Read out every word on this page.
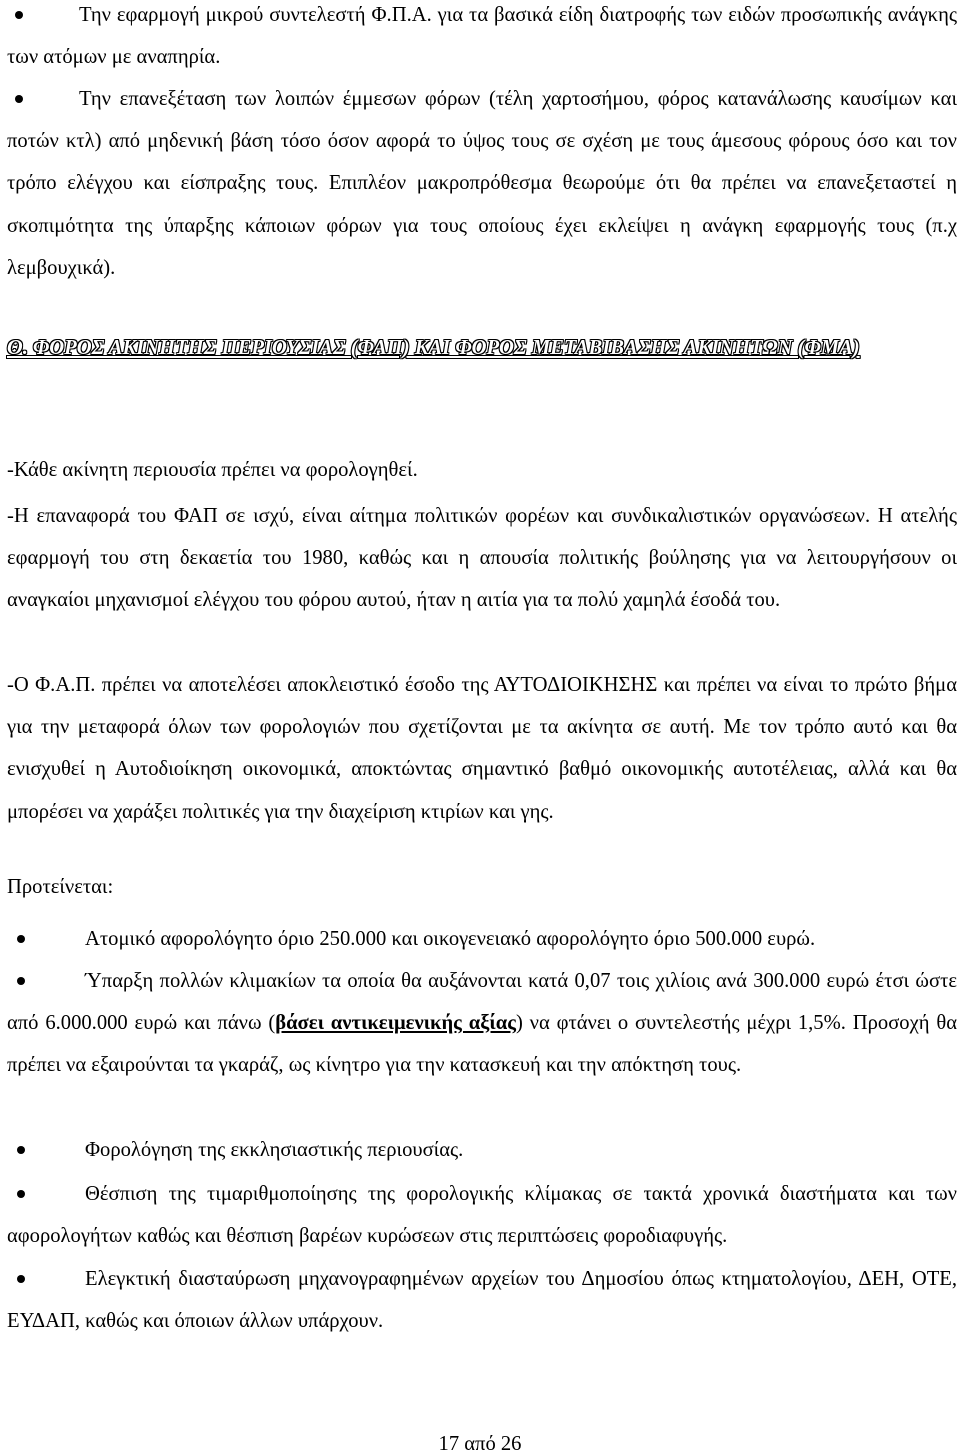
Την εφαρμογή μικρού συντελεστή Φ.Π.Α. για τα βασικά είδη διατροφής των ειδών προσωπικής ανάγκης των ατόμων με αναπηρία.

Την επανεξέταση των λοιπών έμμεσων φόρων (τέλη χαρτοσήμου, φόρος κατανάλωσης καυσίμων και ποτών κτλ) από μηδενική βάση τόσο όσον αφορά το ύψος τους σε σχέση με τους άμεσους φόρους όσο και τον τρόπο ελέγχου και είσπραξης τους. Επιπλέον μακροπρόθεσμα θεωρούμε ότι θα πρέπει να επανεξεταστεί η σκοπιμότητα της ύπαρξης κάποιων φόρων για τους οποίους έχει εκλείψει η ανάγκη εφαρμογής τους (π.χ λεμβουχικά).

Θ. ΦΟΡΟΣ ΑΚΙΝΗΤΗΣ ΠΕΡΙΟΥΣΙΑΣ (ΦΑΠ) ΚΑΙ ΦΟΡΟΣ ΜΕΤΑΒΙΒΑΣΗΣ ΑΚΙΝΗΤΩΝ (ΦΜΑ)

-Κάθε ακίνητη περιουσία πρέπει να φορολογηθεί.

-Η επαναφορά του ΦΑΠ σε ισχύ, είναι αίτημα πολιτικών φορέων και συνδικαλιστικών οργανώσεων. Η ατελής εφαρμογή του στη δεκαετία του 1980, καθώς και η απουσία πολιτικής βούλησης για να λειτουργήσουν οι αναγκαίοι μηχανισμοί ελέγχου του φόρου αυτού, ήταν η αιτία για τα πολύ χαμηλά έσοδά του.

-Ο Φ.Α.Π. πρέπει να αποτελέσει αποκλειστικό έσοδο της ΑΥΤΟΔΙΟΙΚΗΣΗΣ και πρέπει να είναι το πρώτο βήμα για την μεταφορά όλων των φορολογιών που σχετίζονται με τα ακίνητα σε αυτή. Με τον τρόπο αυτό και θα ενισχυθεί η Αυτοδιοίκηση οικονομικά, αποκτώντας σημαντικό βαθμό οικονομικής αυτοτέλειας, αλλά και θα μπορέσει να χαράξει πολιτικές για την διαχείριση κτιρίων και γης.

Προτείνεται:

Ατομικό αφορολόγητο όριο 250.000 και οικογενειακό αφορολόγητο όριο 500.000 ευρώ.

Ύπαρξη πολλών κλιμακίων τα οποία θα αυξάνονται κατά 0,07 τοις χιλίοις ανά 300.000 ευρώ έτσι ώστε από 6.000.000 ευρώ και πάνω (βάσει αντικειμενικής αξίας) να φτάνει ο συντελεστής μέχρι 1,5%. Προσοχή θα πρέπει να εξαιρούνται τα γκαράζ, ως κίνητρο για την κατασκευή και την απόκτηση τους.

Φορολόγηση της εκκλησιαστικής περιουσίας.

Θέσπιση της τιμαριθμοποίησης της φορολογικής κλίμακας σε τακτά χρονικά διαστήματα και των αφορολογήτων καθώς και θέσπιση βαρέων κυρώσεων στις περιπτώσεις φοροδιαφυγής.

Ελεγκτική διασταύρωση μηχανογραφημένων αρχείων του Δημοσίου όπως κτηματολογίου, ΔΕΗ, ΟΤΕ, ΕΥΔΑΠ, καθώς και όποιων άλλων υπάρχουν.

17 από 26
